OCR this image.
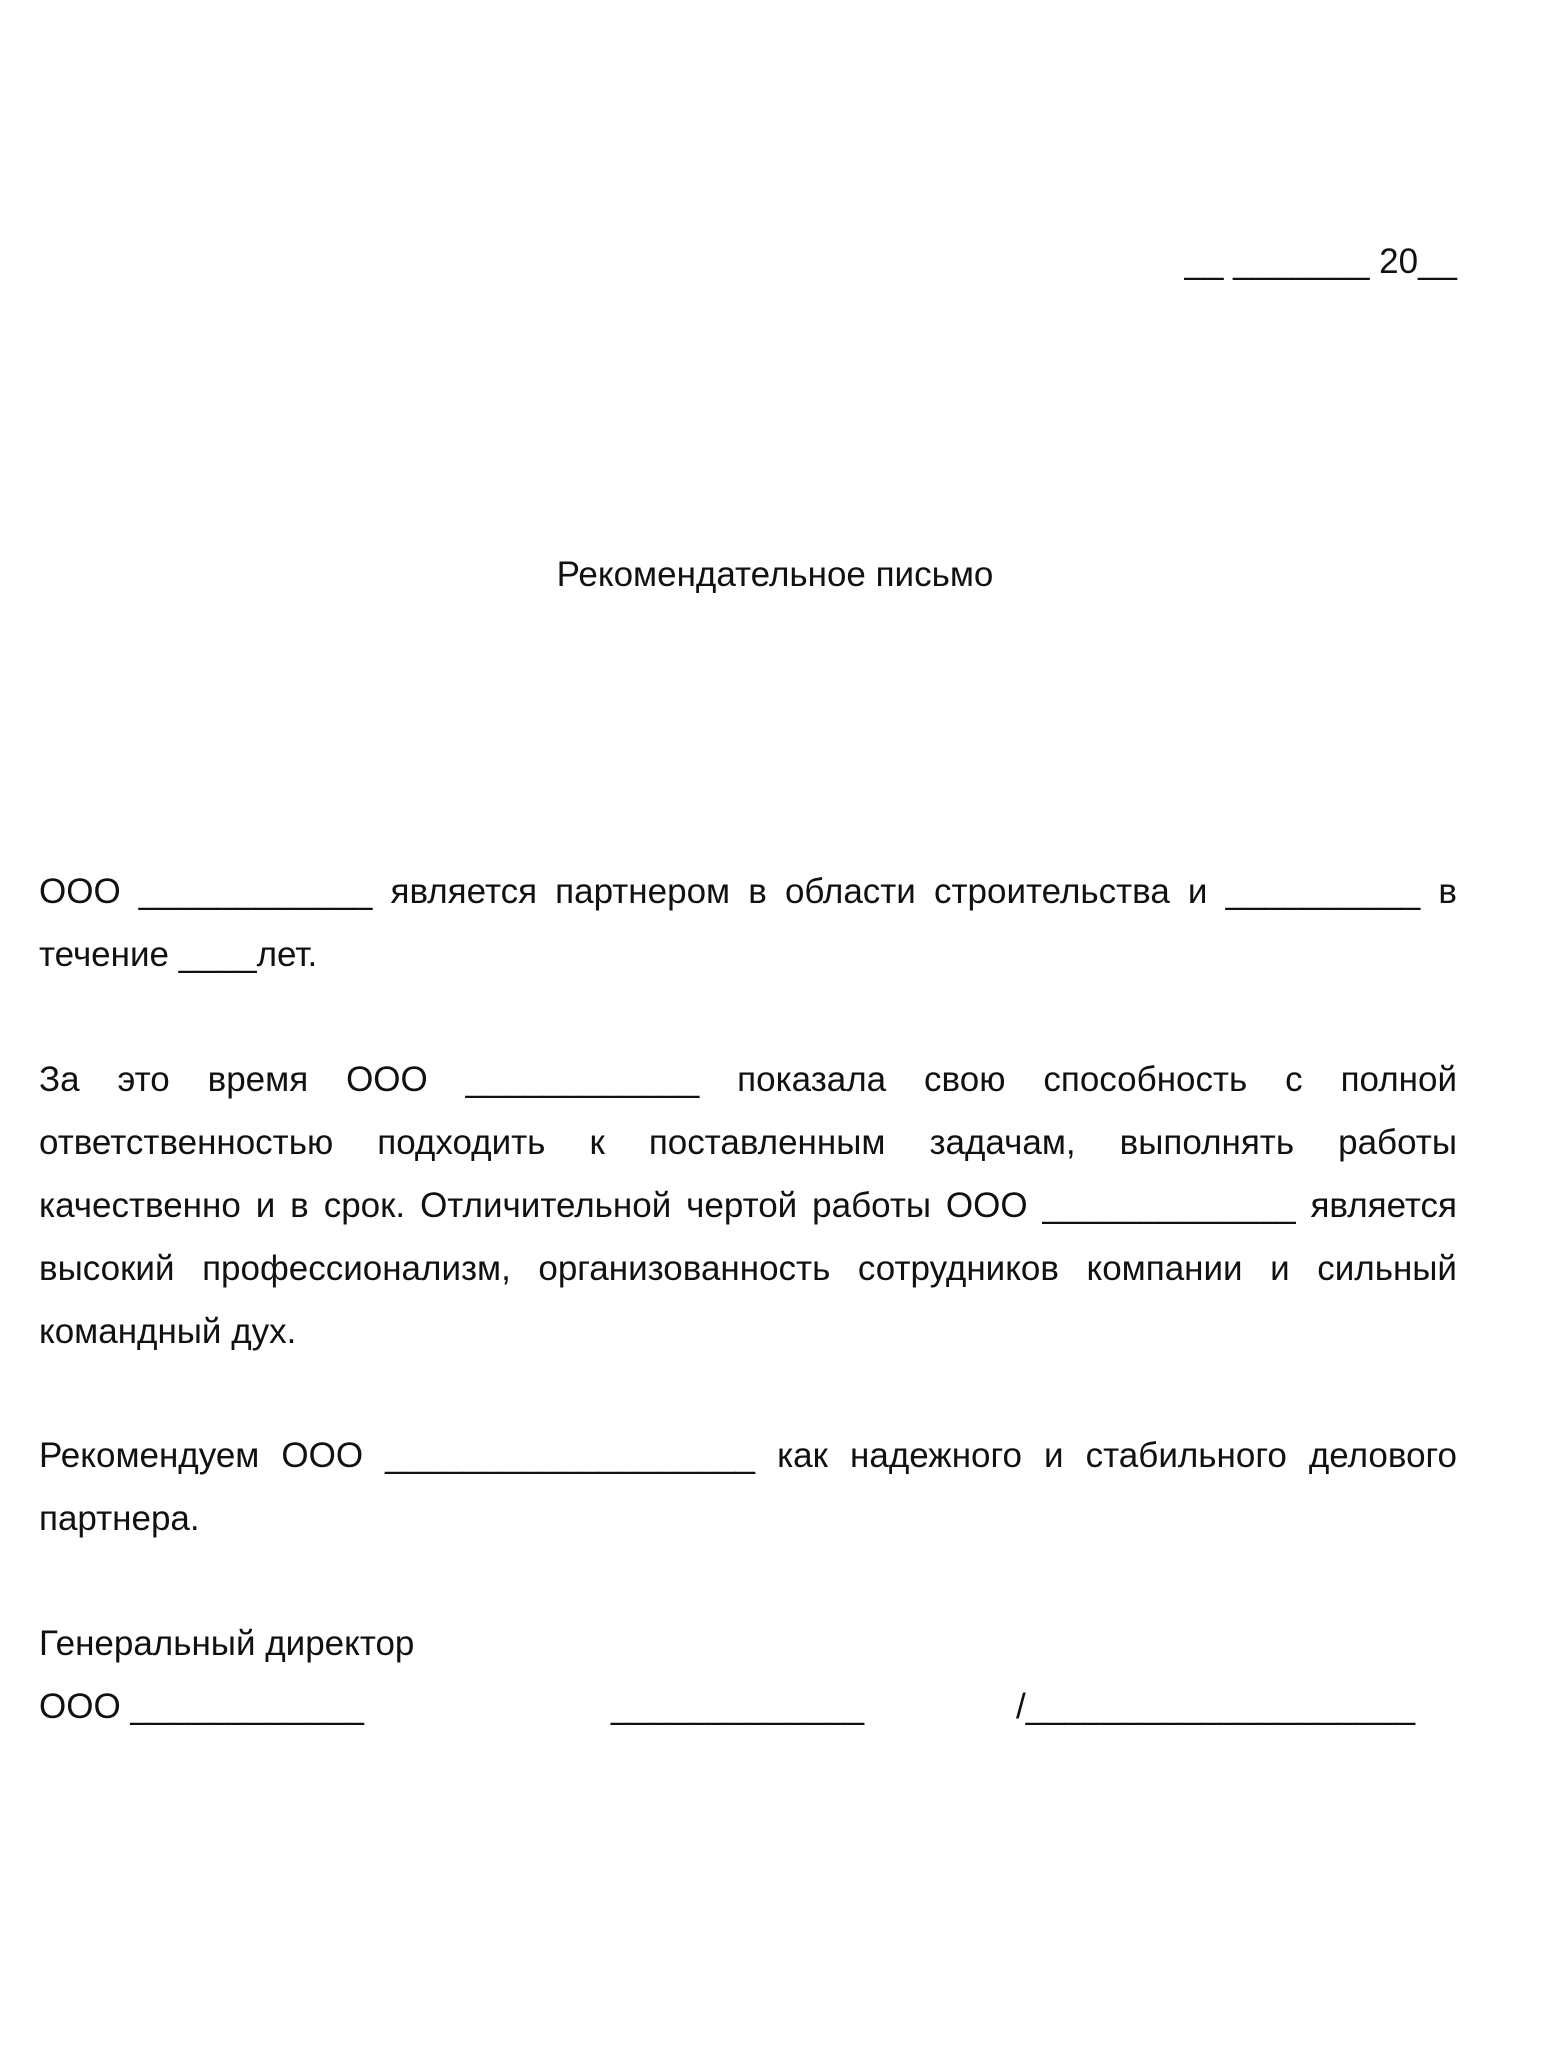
__ _______ 20__
Рекомендательное письмо

ООО ____________ является партнером в области строительства и __________ в течение ____лет.

За это время ООО ____________ показала свою способность с полной ответственностью подходить к поставленным задачам, выполнять работы качественно и в срок. Отличительной чертой работы ООО _____________ является высокий профессионализм, организованность сотрудников компании и сильный командный дух.

Рекомендуем ООО ___________________ как надежного и стабильного делового партнера.

Генеральный директор
ООО ____________	_____________	/____________________
